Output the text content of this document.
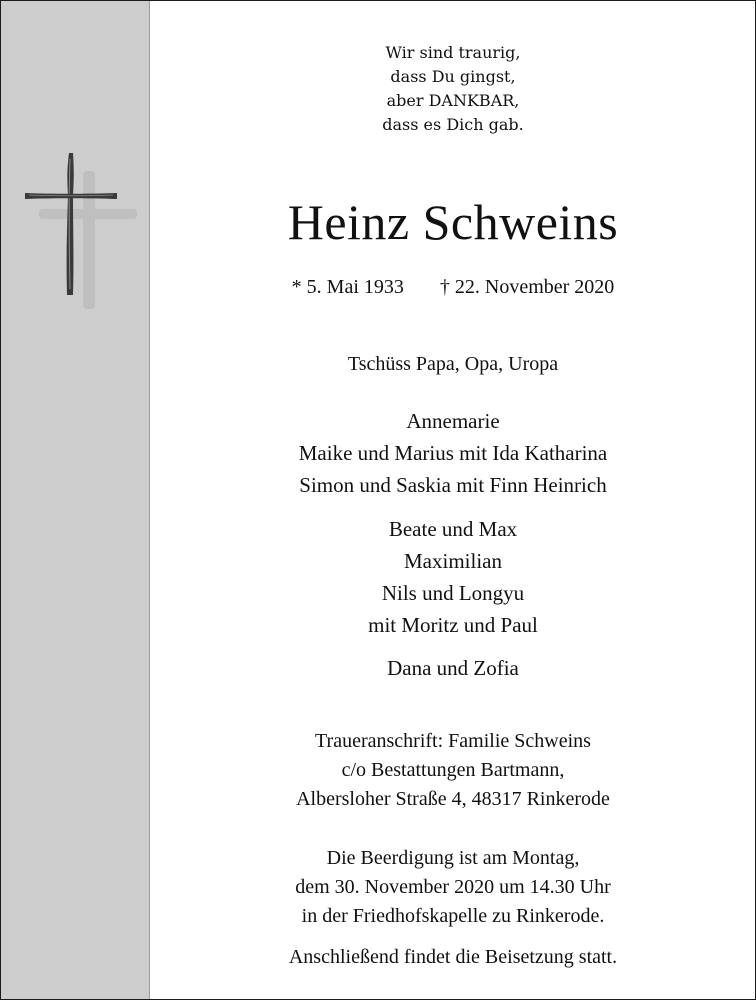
Wir sind traurig,
dass Du gingst,
aber DANKBAR,
dass es Dich gab.
Heinz Schweins
* 5. Mai 1933 † 22. November 2020
Tschüss Papa, Opa, Uropa
Annemarie
Maike und Marius mit Ida Katharina
Simon und Saskia mit Finn Heinrich
Beate und Max
Maximilian
Nils und Longyu
mit Moritz und Paul
Dana und Zofia
Traueranschrift: Familie Schweins
c/o Bestattungen Bartmann,
Albersloher Straße 4, 48317 Rinkerode
Die Beerdigung ist am Montag,
dem 30. November 2020 um 14.30 Uhr
in der Friedhofskapelle zu Rinkerode.
Anschließend findet die Beisetzung statt.
